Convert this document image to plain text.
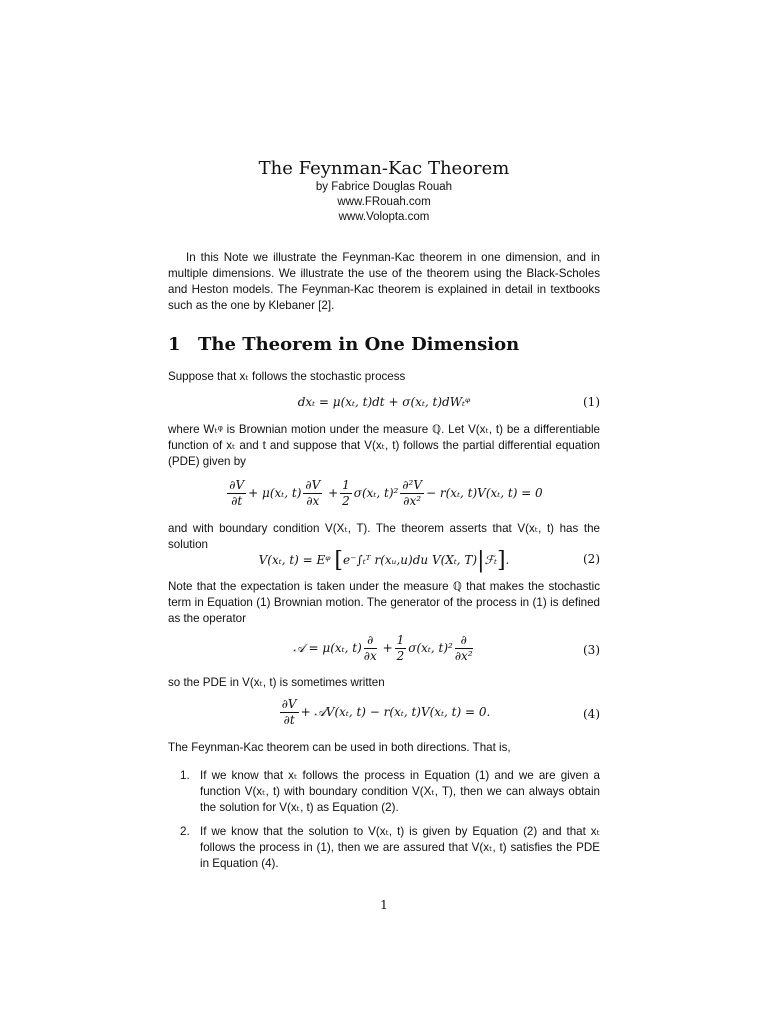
The Feynman-Kac Theorem
by Fabrice Douglas Rouah
www.FRouah.com
www.Volopta.com

In this Note we illustrate the Feynman-Kac theorem in one dimension, and in multiple dimensions. We illustrate the use of the theorem using the Black-Scholes and Heston models. The Feynman-Kac theorem is explained in detail in textbooks such as the one by Klebaner [2].

1 The Theorem in One Dimension

Suppose that xₜ follows the stochastic process

dxₜ = μ(xₜ, t)dt + σ(xₜ, t)dWₜᵠ	(1)

where Wₜᵠ is Brownian motion under the measure ℚ. Let V(xₜ, t) be a differentiable function of xₜ and t and suppose that V(xₜ, t) follows the partial differential equation (PDE) given by

$\frac{\partial V}{\partial t} + \mu(x_t$, $t) \frac{\partial V}{\partial x} + \frac{1}{2} \sigma(x_t$, $t)^2 \frac{\text{∂²V}}{\text{∂x²}} - r(x_t$, t)V(xₜ, t) = 0

and with boundary condition V(Xₜ, T). The theorem asserts that V(xₜ, t) has the solution

V(xₜ, t) = Eᵠ [e⁻∫ₜᵀ r(xᵤ,u)du V(Xₜ, T)|ℱₜ].	(2)

Note that the expectation is taken under the measure ℚ that makes the stochastic term in Equation (1) Brownian motion. The generator of the process in (1) is defined as the operator

𝒜 = μ(xₜ, $t) \frac{\partial}{\partial x} + \frac{1}{2} \sigma(x_t$, $t)^2 \frac{\partial}{\text{∂x²}}$	(3)

so the PDE in V(xₜ, t) is sometimes written

$\frac{\partial V}{\partial t}$ + 𝒜V(xₜ, t) − r(xₜ, t)V(xₜ, t) = 0.	(4)

The Feynman-Kac theorem can be used in both directions. That is,

1. If we know that xₜ follows the process in Equation (1) and we are given a function V(xₜ, t) with boundary condition V(Xₜ, T), then we can always obtain the solution for V(xₜ, t) as Equation (2).
2. If we know that the solution to V(xₜ, t) is given by Equation (2) and that xₜ follows the process in (1), then we are assured that V(xₜ, t) satisfies the PDE in Equation (4).
1
